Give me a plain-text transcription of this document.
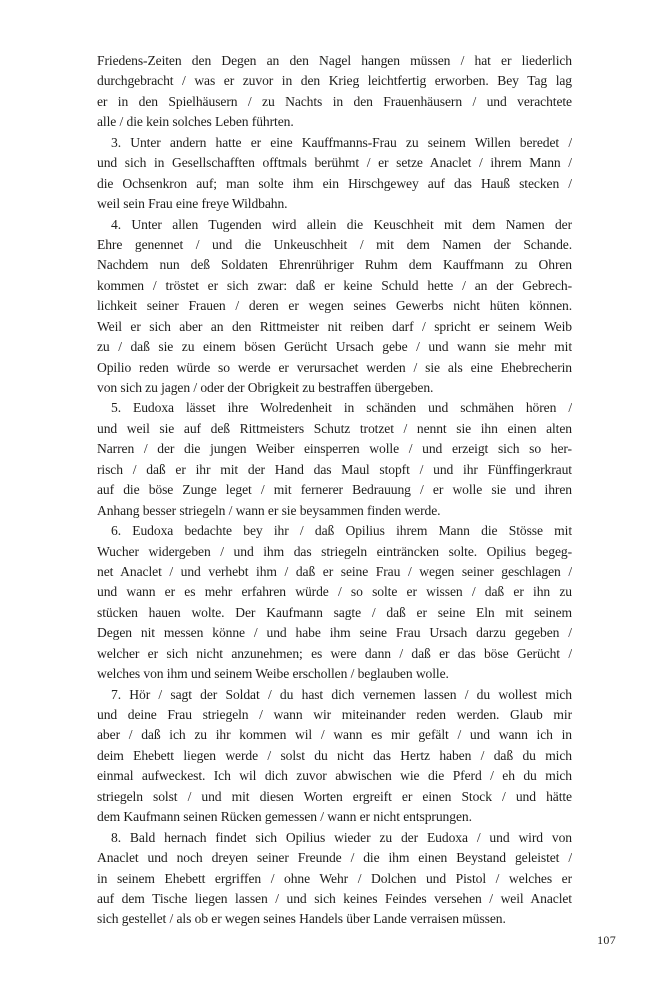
Friedens-Zeiten den Degen an den Nagel hangen müssen / hat er liederlich
durchgebracht / was er zuvor in den Krieg leichtfertig erworben. Bey Tag lag
er in den Spielhäusern / zu Nachts in den Frauenhäusern / und verachtete
alle / die kein solches Leben führten.
3. Unter andern hatte er eine Kauffmanns-Frau zu seinem Willen beredet /
und sich in Gesellschafften offtmals berühmt / er setze Anaclet / ihrem Mann /
die Ochsenkron auf; man solte ihm ein Hirschgewey auf das Hauß stecken /
weil sein Frau eine freye Wildbahn.
4. Unter allen Tugenden wird allein die Keuschheit mit dem Namen der
Ehre genennet / und die Unkeuschheit / mit dem Namen der Schande.
Nachdem nun deß Soldaten Ehrenrühriger Ruhm dem Kauffmann zu Ohren
kommen / tröstet er sich zwar: daß er keine Schuld hette / an der Gebrech-
lichkeit seiner Frauen / deren er wegen seines Gewerbs nicht hüten können.
Weil er sich aber an den Rittmeister nit reiben darf / spricht er seinem Weib
zu / daß sie zu einem bösen Gerücht Ursach gebe / und wann sie mehr mit
Opilio reden würde so werde er verursachet werden / sie als eine Ehebrecherin
von sich zu jagen / oder der Obrigkeit zu bestraffen übergeben.
5. Eudoxa lässet ihre Wolredenheit in schänden und schmähen hören /
und weil sie auf deß Rittmeisters Schutz trotzet / nennt sie ihn einen alten
Narren / der die jungen Weiber einsperren wolle / und erzeigt sich so her-
risch / daß er ihr mit der Hand das Maul stopft / und ihr Fünffingerkraut
auf die böse Zunge leget / mit fernerer Bedrauung / er wolle sie und ihren
Anhang besser striegeln / wann er sie beysammen finden werde.
6. Eudoxa bedachte bey ihr / daß Opilius ihrem Mann die Stösse mit
Wucher widergeben / und ihm das striegeln einträncken solte. Opilius begeg-
net Anaclet / und verhebt ihm / daß er seine Frau / wegen seiner geschlagen /
und wann er es mehr erfahren würde / so solte er wissen / daß er ihn zu
stücken hauen wolte. Der Kaufmann sagte / daß er seine Eln mit seinem
Degen nit messen könne / und habe ihm seine Frau Ursach darzu gegeben /
welcher er sich nicht anzunehmen; es were dann / daß er das böse Gerücht /
welches von ihm und seinem Weibe erschollen / beglauben wolle.
7. Hör / sagt der Soldat / du hast dich vernemen lassen / du wollest mich
und deine Frau striegeln / wann wir miteinander reden werden. Glaub mir
aber / daß ich zu ihr kommen wil / wann es mir gefält / und wann ich in
deim Ehebett liegen werde / solst du nicht das Hertz haben / daß du mich
einmal aufweckest. Ich wil dich zuvor abwischen wie die Pferd / eh du mich
striegeln solst / und mit diesen Worten ergreift er einen Stock / und hätte
dem Kaufmann seinen Rücken gemessen / wann er nicht entsprungen.
8. Bald hernach findet sich Opilius wieder zu der Eudoxa / und wird von
Anaclet und noch dreyen seiner Freunde / die ihm einen Beystand geleistet /
in seinem Ehebett ergriffen / ohne Wehr / Dolchen und Pistol / welches er
auf dem Tische liegen lassen / und sich keines Feindes versehen / weil Anaclet
sich gestellet / als ob er wegen seines Handels über Lande verraisen müssen.
107
